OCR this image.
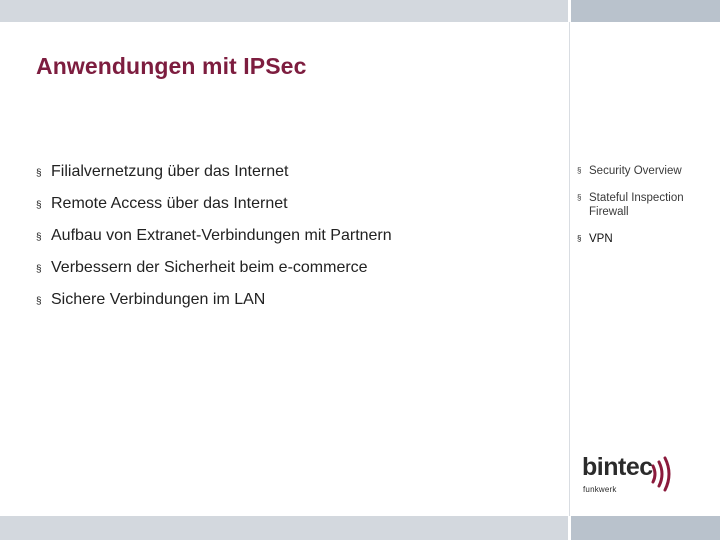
Anwendungen mit IPSec
§ Filialvernetzung über das Internet
§ Remote Access über das Internet
§ Aufbau von Extranet-Verbindungen mit Partnern
§ Verbessern der Sicherheit beim e-commerce
§ Sichere Verbindungen im LAN
§ Security Overview
§ Stateful Inspection Firewall
§ VPN
bintec
funkwerk
